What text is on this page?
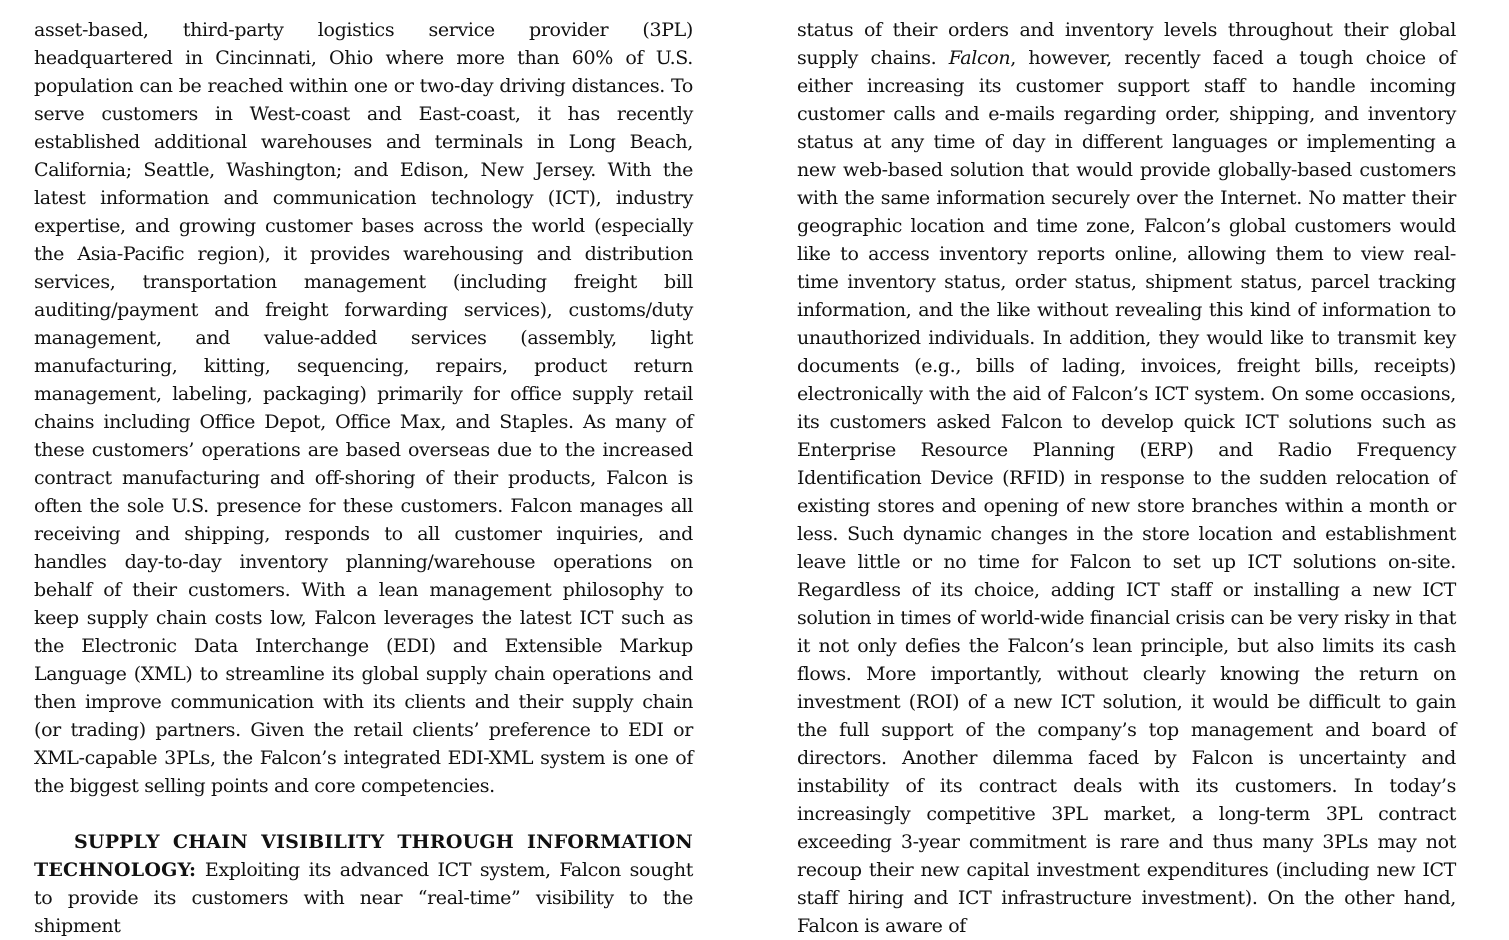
asset-based, third-party logistics service provider (3PL) headquartered in Cincinnati, Ohio where more than 60% of U.S. population can be reached within one or two-day driving distances. To serve customers in West-coast and East-coast, it has recently established additional warehouses and terminals in Long Beach, California; Seattle, Washington; and Edison, New Jersey. With the latest information and communication technology (ICT), industry expertise, and growing customer bases across the world (especially the Asia-Pacific region), it provides warehousing and distribution services, transportation management (including freight bill auditing/payment and freight forwarding services), customs/duty management, and value-added services (assembly, light manufacturing, kitting, sequencing, repairs, product return management, labeling, packaging) primarily for office supply retail chains including Office Depot, Office Max, and Staples. As many of these customers’ operations are based overseas due to the increased contract manufacturing and off-shoring of their products, Falcon is often the sole U.S. presence for these customers. Falcon manages all receiving and shipping, responds to all customer inquiries, and handles day-to-day inventory planning/warehouse operations on behalf of their customers. With a lean management philosophy to keep supply chain costs low, Falcon leverages the latest ICT such as the Electronic Data Interchange (EDI) and Extensible Markup Language (XML) to streamline its global supply chain operations and then improve communication with its clients and their supply chain (or trading) partners. Given the retail clients’ preference to EDI or XML-capable 3PLs, the Falcon’s integrated EDI-XML system is one of the biggest selling points and core competencies.

SUPPLY CHAIN VISIBILITY THROUGH INFORMATION TECHNOLOGY: Exploiting its advanced ICT system, Falcon sought to provide its customers with near “real-time” visibility to the shipment

status of their orders and inventory levels throughout their global supply chains. Falcon, however, recently faced a tough choice of either increasing its customer support staff to handle incoming customer calls and e-mails regarding order, shipping, and inventory status at any time of day in different languages or implementing a new web-based solution that would provide globally-based customers with the same information securely over the Internet. No matter their geographic location and time zone, Falcon’s global customers would like to access inventory reports online, allowing them to view real-time inventory status, order status, shipment status, parcel tracking information, and the like without revealing this kind of information to unauthorized individuals. In addition, they would like to transmit key documents (e.g., bills of lading, invoices, freight bills, receipts) electronically with the aid of Falcon’s ICT system. On some occasions, its customers asked Falcon to develop quick ICT solutions such as Enterprise Resource Planning (ERP) and Radio Frequency Identification Device (RFID) in response to the sudden relocation of existing stores and opening of new store branches within a month or less. Such dynamic changes in the store location and establishment leave little or no time for Falcon to set up ICT solutions on-site. Regardless of its choice, adding ICT staff or installing a new ICT solution in times of world-wide financial crisis can be very risky in that it not only defies the Falcon’s lean principle, but also limits its cash flows. More importantly, without clearly knowing the return on investment (ROI) of a new ICT solution, it would be difficult to gain the full support of the company’s top management and board of directors. Another dilemma faced by Falcon is uncertainty and instability of its contract deals with its customers. In today’s increasingly competitive 3PL market, a long-term 3PL contract exceeding 3-year commitment is rare and thus many 3PLs may not recoup their new capital investment expenditures (including new ICT staff hiring and ICT infrastructure investment). On the other hand, Falcon is aware of
